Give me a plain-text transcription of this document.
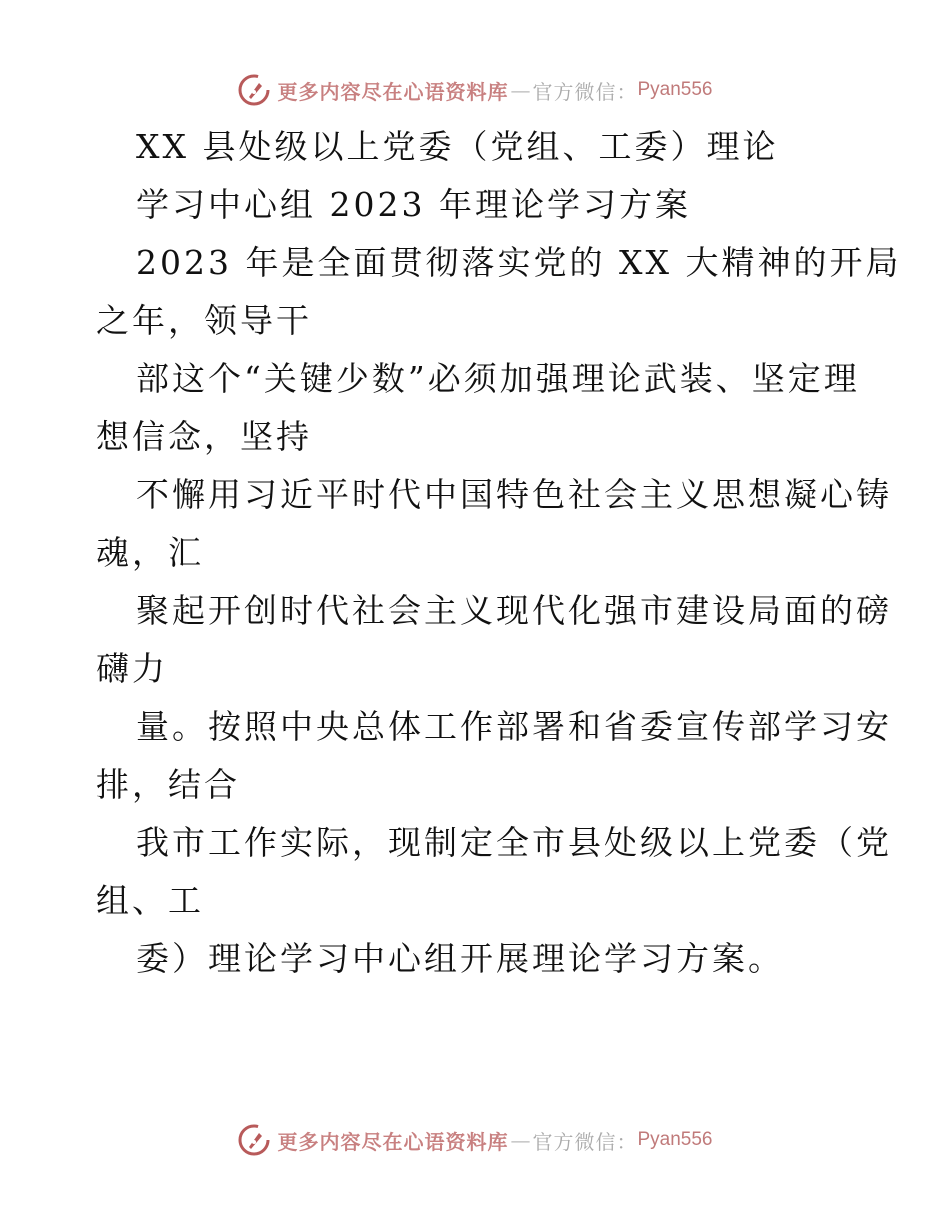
更多内容尽在心语资料库 — 官方微信： Pyan556
XX 县处级以上党委（党组、工委）理论
学习中心组 2023 年理论学习方案
2023 年是全面贯彻落实党的 XX 大精神的开局
之年，领导干
部这个“关键少数”必须加强理论武装、坚定理
想信念，坚持
不懈用习近平时代中国特色社会主义思想凝心铸
魂，汇
聚起开创时代社会主义现代化强市建设局面的磅
礴力
量。按照中央总体工作部署和省委宣传部学习安
排，结合
我市工作实际，现制定全市县处级以上党委（党
组、工
委）理论学习中心组开展理论学习方案。
更多内容尽在心语资料库 — 官方微信： Pyan556
